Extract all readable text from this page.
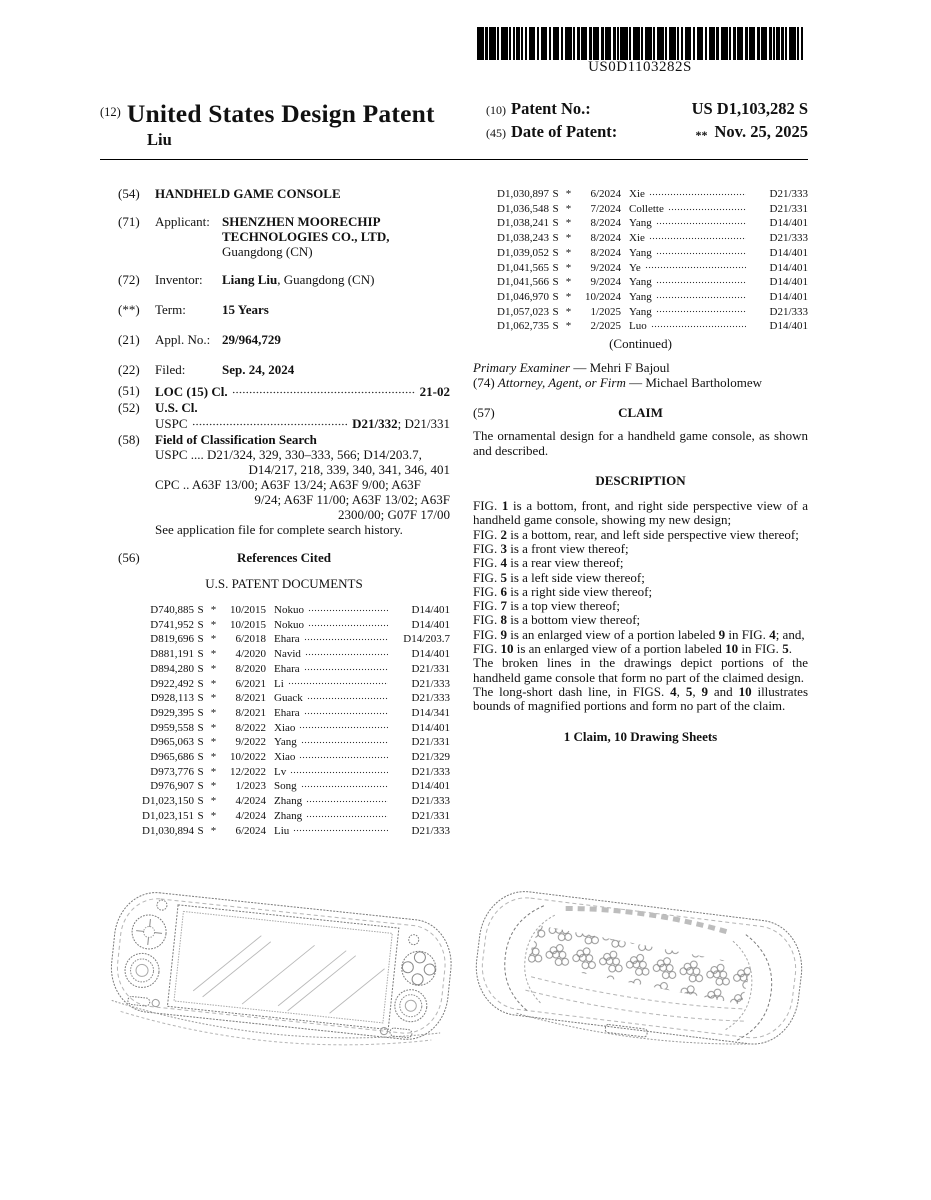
US0D1103282S
$^{(12)}$ United States Design Patent
Liu
(10) Patent No.:	US D1,103,282 S
(45) Date of Patent:	** Nov. 25, 2025
(54)	HANDHELD GAME CONSOLE
(71)	Applicant: SHENZHEN MOORECHIP
TECHNOLOGIES CO., LTD,
Guangdong (CN)
(72)	Inventor:	Liang Liu, Guangdong (CN)
(**)	Term:	15 Years
(21)	Appl. No.: 29/964,729
(22)	Filed:	Sep. 24, 2024
(51)	LOC (15) Cl.	21-02
(52)	U.S. Cl.
USPC	D21/332; D21/331
(58)	Field of Classification Search
USPC .... D21/324, 329, 330–333, 566; D14/203.7,
D14/217, 218, 339, 340, 341, 346, 401
CPC .. A63F 13/00; A63F 13/24; A63F 9/00; A63F
9/24; A63F 11/00; A63F 13/02; A63F
2300/00; G07F 17/00
See application file for complete search history.
(56)	References Cited
U.S. PATENT DOCUMENTS
D740,885 S *	10/2015 Nokuo	D14/401
D741,952 S *	10/2015 Nokuo	D14/401
D819,696 S *	6/2018 Ehara	D14/203.7
D881,191 S *	4/2020 Navid	D14/401
D894,280 S *	8/2020 Ehara	D21/331
D922,492 S *	6/2021 Li	D21/333
D928,113 S *	8/2021 Guack	D21/333
D929,395 S *	8/2021 Ehara	D14/341
D959,558 S *	8/2022 Xiao	D14/401
D965,063 S *	9/2022 Yang	D21/331
D965,686 S *	10/2022 Xiao	D21/329
D973,776 S *	12/2022 Lv	D21/333
D976,907 S *	1/2023 Song	D14/401
D1,023,150 S *	4/2024 Zhang	D21/333
D1,023,151 S *	4/2024 Zhang	D21/331
D1,030,894 S *	6/2024 Liu	D21/333
D1,030,897 S *	6/2024 Xie	D21/333
D1,036,548 S *	7/2024 Collette	D21/331
D1,038,241 S *	8/2024 Yang	D14/401
D1,038,243 S *	8/2024 Xie	D21/333
D1,039,052 S *	8/2024 Yang	D14/401
D1,041,565 S *	9/2024 Ye	D14/401
D1,041,566 S *	9/2024 Yang	D14/401
D1,046,970 S *	10/2024 Yang	D14/401
D1,057,023 S *	1/2025 Yang	D21/333
D1,062,735 S *	2/2025 Luo	D14/401
(Continued)
Primary Examiner — Mehri F Bajoul
(74) Attorney, Agent, or Firm — Michael Bartholomew
(57)	CLAIM
The ornamental design for a handheld game console, as shown and described.
DESCRIPTION
FIG. 1 is a bottom, front, and right side perspective view of a handheld game console, showing my new design;
FIG. 2 is a bottom, rear, and left side perspective view thereof;
FIG. 3 is a front view thereof;
FIG. 4 is a rear view thereof;
FIG. 5 is a left side view thereof;
FIG. 6 is a right side view thereof;
FIG. 7 is a top view thereof;
FIG. 8 is a bottom view thereof;
FIG. 9 is an enlarged view of a portion labeled 9 in FIG. 4; and,
FIG. 10 is an enlarged view of a portion labeled 10 in FIG. 5.
The broken lines in the drawings depict portions of the handheld game console that form no part of the claimed design.
The long-short dash line, in FIGS. 4, 5, 9 and 10 illustrates bounds of magnified portions and form no part of the claim.
1 Claim, 10 Drawing Sheets
